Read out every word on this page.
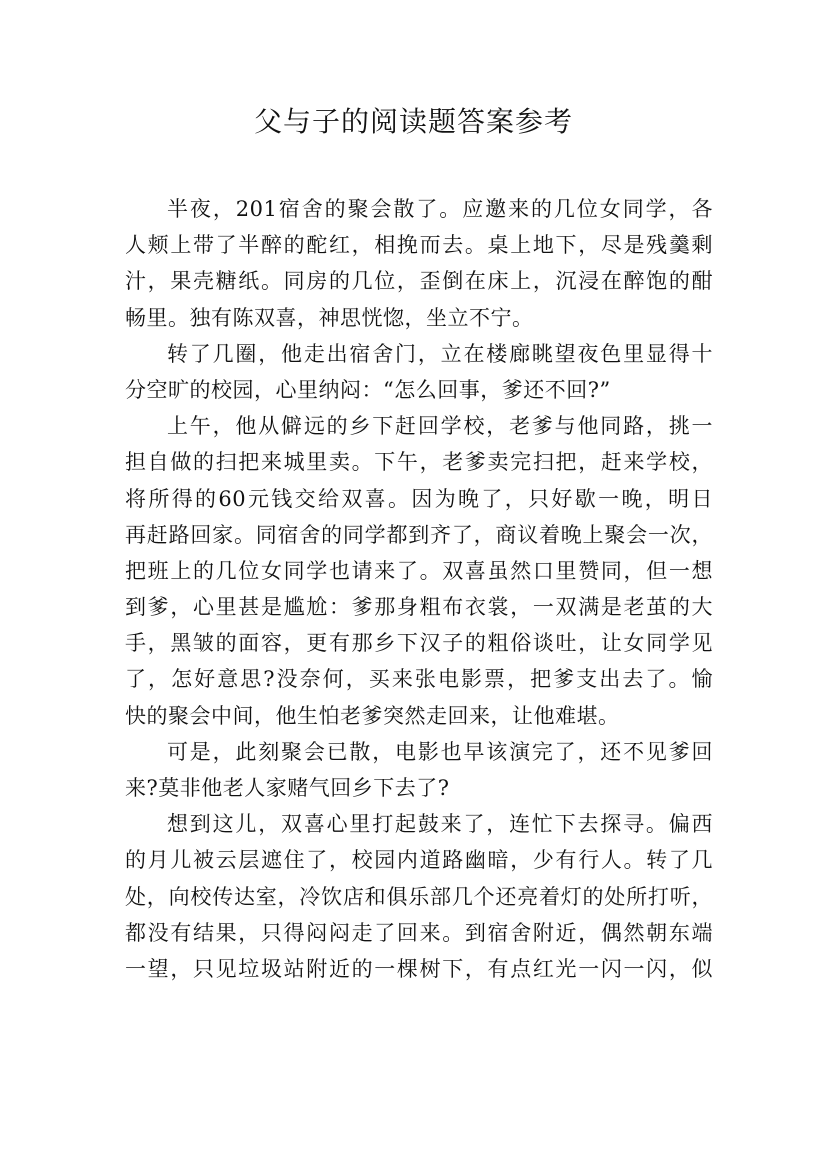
父与子的阅读题答案参考
半夜，201宿舍的聚会散了。应邀来的几位女同学，各
人颊上带了半醉的酡红，相挽而去。桌上地下，尽是残羹剩
汁，果壳糖纸。同房的几位，歪倒在床上，沉浸在醉饱的酣
畅里。独有陈双喜，神思恍惚，坐立不宁。
转了几圈，他走出宿舍门，立在楼廊眺望夜色里显得十
分空旷的校园，心里纳闷：“怎么回事，爹还不回?”
上午，他从僻远的乡下赶回学校，老爹与他同路，挑一
担自做的扫把来城里卖。下午，老爹卖完扫把，赶来学校，
将所得的60元钱交给双喜。因为晚了，只好歇一晚，明日
再赶路回家。同宿舍的同学都到齐了，商议着晚上聚会一次，
把班上的几位女同学也请来了。双喜虽然口里赞同，但一想
到爹，心里甚是尴尬：爹那身粗布衣裳，一双满是老茧的大
手，黑皱的面容，更有那乡下汉子的粗俗谈吐，让女同学见
了，怎好意思?没奈何，买来张电影票，把爹支出去了。愉
快的聚会中间，他生怕老爹突然走回来，让他难堪。
可是，此刻聚会已散，电影也早该演完了，还不见爹回
来?莫非他老人家赌气回乡下去了?
想到这儿，双喜心里打起鼓来了，连忙下去探寻。偏西
的月儿被云层遮住了，校园内道路幽暗，少有行人。转了几
处，向校传达室，冷饮店和俱乐部几个还亮着灯的处所打听，
都没有结果，只得闷闷走了回来。到宿舍附近，偶然朝东端
一望，只见垃圾站附近的一棵树下，有点红光一闪一闪，似
